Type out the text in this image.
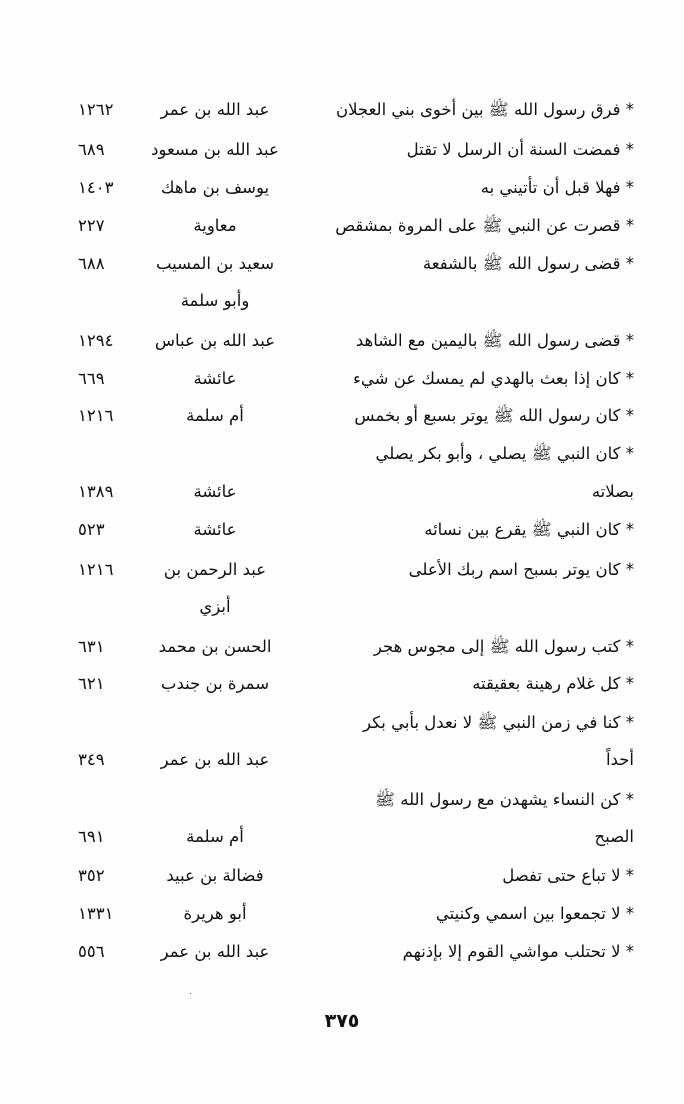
* فرق رسول الله ﷺ بين أخوى بني العجلان
عبد الله بن عمر
١٢٦٢
* فمضت السنة أن الرسل لا تقتل
عبد الله بن مسعود
٦٨٩
* فهلا قبل أن تأتيني به
يوسف بن ماهك
١٤٠٣
* قصرت عن النبي ﷺ على المروة بمشقص
معاوية
٢٢٧
* قضى رسول الله ﷺ بالشفعة
سعيد بن المسيب
٦٨٨
وأبو سلمة
* قضى رسول الله ﷺ باليمين مع الشاهد
عبد الله بن عباس
١٢٩٤
* كان إذا بعث بالهدي لم يمسك عن شيء
عائشة
٦٦٩
* كان رسول الله ﷺ يوتر بسبع أو بخمس
أم سلمة
١٢١٦
* كان النبي ﷺ يصلي ، وأبو بكر يصلي
بصلاته
عائشة
١٣٨٩
* كان النبي ﷺ يقرع بين نسائه
عائشة
٥٢٣
* كان يوتر بسبح اسم ربك الأعلى
عبد الرحمن بن
١٢١٦
أبزي
* كتب رسول الله ﷺ إلى مجوس هجر
الحسن بن محمد
٦٣١
* كل غلام رهينة بعقيقته
سمرة بن جندب
٦٢١
* كنا في زمن النبي ﷺ لا نعدل بأبي بكر
أحداً
عبد الله بن عمر
٣٤٩
* كن النساء يشهدن مع رسول الله ﷺ
الصبح
أم سلمة
٦٩١
* لا تباع حتى تفصل
فضالة بن عبيد
٣٥٢
* لا تجمعوا بين اسمي وكنيتي
أبو هريرة
١٣٣١
* لا تحتلب مواشي القوم إلا بإذنهم
عبد الله بن عمر
٥٥٦
٣٧٥
